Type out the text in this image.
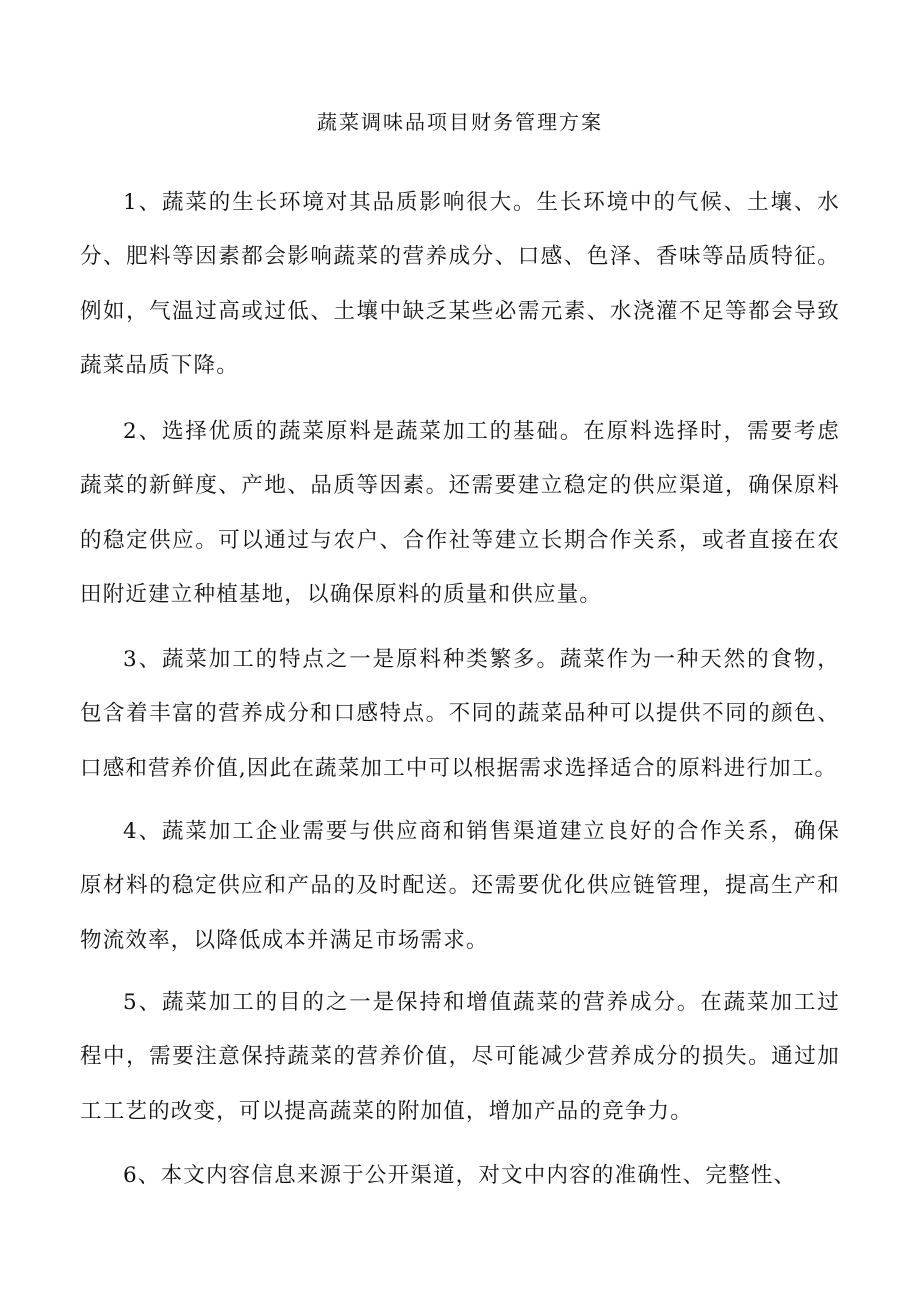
蔬菜调味品项目财务管理方案

1、蔬菜的生长环境对其品质影响很大。生长环境中的气候、土壤、水分、肥料等因素都会影响蔬菜的营养成分、口感、色泽、香味等品质特征。例如，气温过高或过低、土壤中缺乏某些必需元素、水浇灌不足等都会导致蔬菜品质下降。

2、选择优质的蔬菜原料是蔬菜加工的基础。在原料选择时，需要考虑蔬菜的新鲜度、产地、品质等因素。还需要建立稳定的供应渠道，确保原料的稳定供应。可以通过与农户、合作社等建立长期合作关系，或者直接在农田附近建立种植基地，以确保原料的质量和供应量。

3、蔬菜加工的特点之一是原料种类繁多。蔬菜作为一种天然的食物，包含着丰富的营养成分和口感特点。不同的蔬菜品种可以提供不同的颜色、口感和营养价值,因此在蔬菜加工中可以根据需求选择适合的原料进行加工。

4、蔬菜加工企业需要与供应商和销售渠道建立良好的合作关系，确保原材料的稳定供应和产品的及时配送。还需要优化供应链管理，提高生产和物流效率，以降低成本并满足市场需求。

5、蔬菜加工的目的之一是保持和增值蔬菜的营养成分。在蔬菜加工过程中，需要注意保持蔬菜的营养价值，尽可能减少营养成分的损失。通过加工工艺的改变，可以提高蔬菜的附加值，增加产品的竞争力。

6、本文内容信息来源于公开渠道，对文中内容的准确性、完整性、
